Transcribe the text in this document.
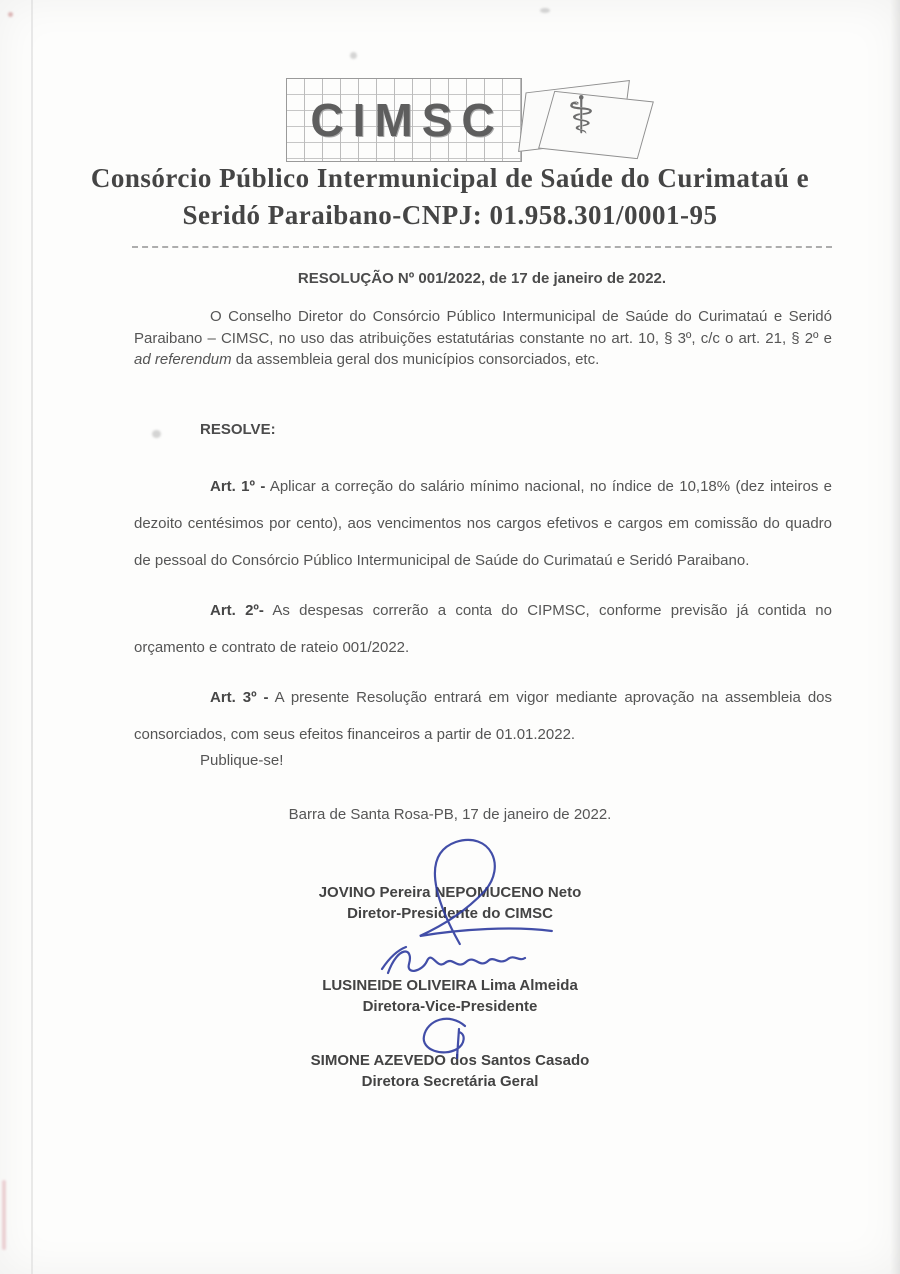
CIMSC ⚕
Consórcio Público Intermunicipal de Saúde do Curimataú e
Seridó Paraibano-CNPJ: 01.958.301/0001-95
RESOLUÇÃO Nº 001/2022, de 17 de janeiro de 2022.

O Conselho Diretor do Consórcio Público Intermunicipal de Saúde do Curimataú e Seridó Paraibano – CIMSC, no uso das atribuições estatutárias constante no art. 10, § 3º, c/c o art. 21, § 2º e ad referendum da assembleia geral dos municípios consorciados, etc.

RESOLVE:

Art. 1º - Aplicar a correção do salário mínimo nacional, no índice de 10,18% (dez inteiros e dezoito centésimos por cento), aos vencimentos nos cargos efetivos e cargos em comissão do quadro de pessoal do Consórcio Público Intermunicipal de Saúde do Curimataú e Seridó Paraibano.

Art. 2º- As despesas correrão a conta do CIPMSC, conforme previsão já contida no orçamento e contrato de rateio 001/2022.

Art. 3º - A presente Resolução entrará em vigor mediante aprovação na assembleia dos consorciados, com seus efeitos financeiros a partir de 01.01.2022.

Publique-se!
Barra de Santa Rosa-PB, 17 de janeiro de 2022.
JOVINO Pereira NEPOMUCENO Neto
Diretor-Presidente do CIMSC
LUSINEIDE OLIVEIRA Lima Almeida
Diretora-Vice-Presidente
SIMONE AZEVEDO dos Santos Casado
Diretora Secretária Geral
